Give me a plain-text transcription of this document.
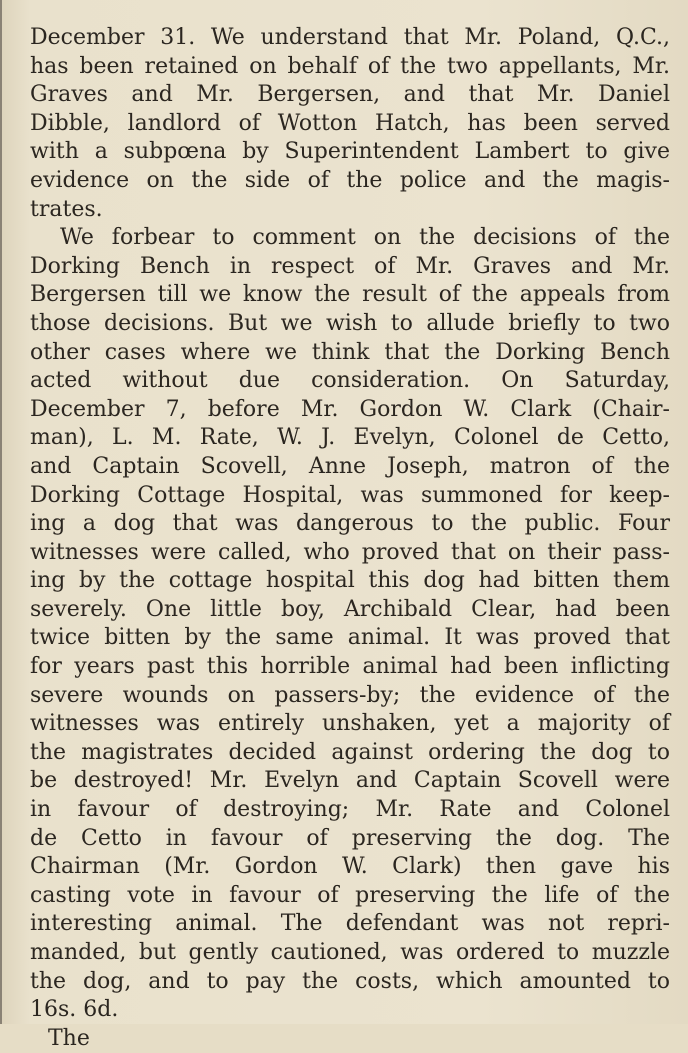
December 31. We understand that Mr. Poland, Q.C.,
has been retained on behalf of the two appellants, Mr.
Graves and Mr. Bergersen, and that Mr. Daniel
Dibble, landlord of Wotton Hatch, has been served
with a subpœna by Superintendent Lambert to give
evidence on the side of the police and the magis-
trates.
We forbear to comment on the decisions of the
Dorking Bench in respect of Mr. Graves and Mr.
Bergersen till we know the result of the appeals from
those decisions. But we wish to allude briefly to two
other cases where we think that the Dorking Bench
acted without due consideration. On Saturday,
December 7, before Mr. Gordon W. Clark (Chair-
man), L. M. Rate, W. J. Evelyn, Colonel de Cetto,
and Captain Scovell, Anne Joseph, matron of the
Dorking Cottage Hospital, was summoned for keep-
ing a dog that was dangerous to the public. Four
witnesses were called, who proved that on their pass-
ing by the cottage hospital this dog had bitten them
severely. One little boy, Archibald Clear, had been
twice bitten by the same animal. It was proved that
for years past this horrible animal had been inflicting
severe wounds on passers-by; the evidence of the
witnesses was entirely unshaken, yet a majority of
the magistrates decided against ordering the dog to
be destroyed! Mr. Evelyn and Captain Scovell were
in favour of destroying; Mr. Rate and Colonel
de Cetto in favour of preserving the dog. The
Chairman (Mr. Gordon W. Clark) then gave his
casting vote in favour of preserving the life of the
interesting animal. The defendant was not repri-
manded, but gently cautioned, was ordered to muzzle
the dog, and to pay the costs, which amounted to
16s. 6d.
The
